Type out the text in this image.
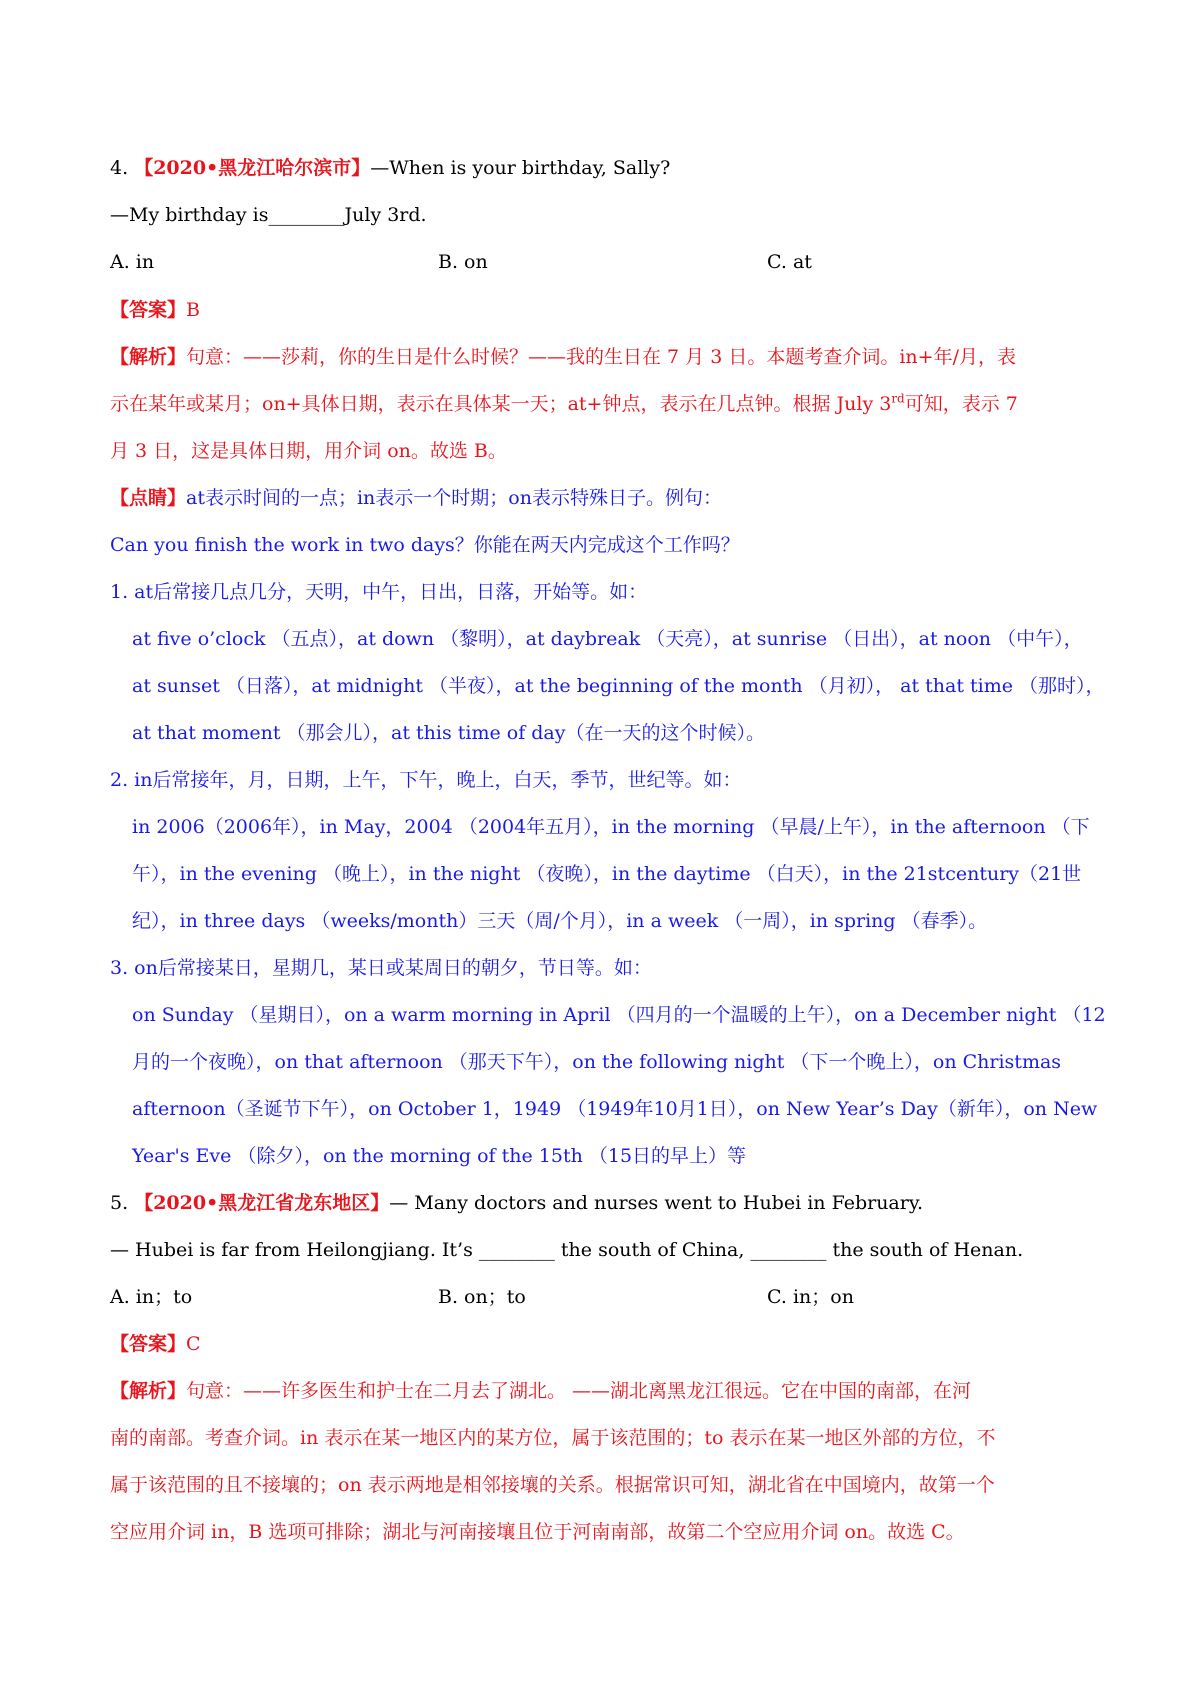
4. 【2020•黑龙江哈尔滨市】—When is your birthday, Sally?
—My birthday is________July 3rd.
A. in	B. on	C. at
【答案】B
【解析】句意：——莎莉，你的生日是什么时候？——我的生日在 7 月 3 日。本题考查介词。in+年/月，表
示在某年或某月；on+具体日期，表示在具体某一天；at+钟点，表示在几点钟。根据 July 3rd可知，表示 7
月 3 日，这是具体日期，用介词 on。故选 B。
【点睛】at表示时间的一点；in表示一个时期；on表示特殊日子。例句：
Can you finish the work in two days？你能在两天内完成这个工作吗？
1. at后常接几点几分，天明，中午，日出，日落，开始等。如：
at five o’clock （五点），at down （黎明），at daybreak （天亮），at sunrise （日出），at noon （中午），
at sunset （日落），at midnight （半夜），at the beginning of the month （月初）， at that time （那时），
at that moment （那会儿），at this time of day（在一天的这个时候）。
2. in后常接年，月，日期，上午，下午，晚上，白天，季节，世纪等。如：
in 2006（2006年），in May，2004 （2004年五月），in the morning （早晨/上午），in the afternoon （下
午），in the evening （晚上），in the night （夜晚），in the daytime （白天），in the 21stcentury（21世
纪），in three days （weeks/month）三天（周/个月），in a week （一周），in spring （春季）。
3. on后常接某日，星期几，某日或某周日的朝夕，节日等。如：
on Sunday （星期日），on a warm morning in April （四月的一个温暖的上午），on a December night （12
月的一个夜晚），on that afternoon （那天下午），on the following night （下一个晚上），on Christmas
afternoon（圣诞节下午），on October 1，1949 （1949年10月1日），on New Year’s Day（新年），on New
Year's Eve （除夕），on the morning of the 15th （15日的早上）等
5. 【2020•黑龙江省龙东地区】— Many doctors and nurses went to Hubei in February.
— Hubei is far from Heilongjiang. It’s ________ the south of China, ________ the south of Henan.
A. in；to	B. on；to	C. in；on
【答案】C
【解析】句意：——许多医生和护士在二月去了湖北。 ——湖北离黑龙江很远。它在中国的南部，在河
南的南部。考查介词。in 表示在某一地区内的某方位，属于该范围的；to 表示在某一地区外部的方位，不
属于该范围的且不接壤的；on 表示两地是相邻接壤的关系。根据常识可知，湖北省在中国境内，故第一个
空应用介词 in，B 选项可排除；湖北与河南接壤且位于河南南部，故第二个空应用介词 on。故选 C。
